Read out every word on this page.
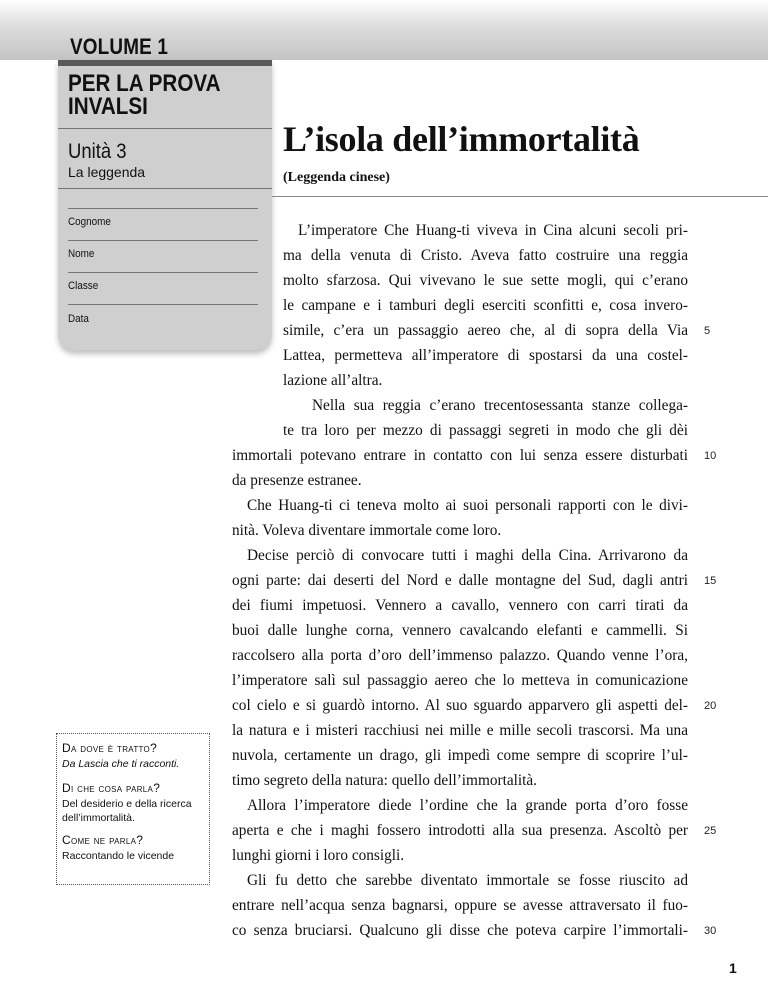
VOLUME 1
PER LA PROVA INVALSI
Unità 3
La leggenda
Cognome
Nome
Classe
Data
L’isola dell’immortalità
(Leggenda cinese)
L’imperatore Che Huang-ti viveva in Cina alcuni secoli pri-
ma della venuta di Cristo. Aveva fatto costruire una reggia
molto sfarzosa. Qui vivevano le sue sette mogli, qui c’erano
le campane e i tamburi degli eserciti sconfitti e, cosa invero-
simile, c’era un passaggio aereo che, al di sopra della Via
Lattea, permetteva all’imperatore di spostarsi da una costel-
lazione all’altra.
Nella sua reggia c’erano trecentosessanta stanze collega-
te tra loro per mezzo di passaggi segreti in modo che gli dèi
immortali potevano entrare in contatto con lui senza essere disturbati
da presenze estranee.
Che Huang-ti ci teneva molto ai suoi personali rapporti con le divi-
nità. Voleva diventare immortale come loro.
Decise perciò di convocare tutti i maghi della Cina. Arrivarono da
ogni parte: dai deserti del Nord e dalle montagne del Sud, dagli antri
dei fiumi impetuosi. Vennero a cavallo, vennero con carri tirati da
buoi dalle lunghe corna, vennero cavalcando elefanti e cammelli. Si
raccolsero alla porta d’oro dell’immenso palazzo. Quando venne l’ora,
l’imperatore salì sul passaggio aereo che lo metteva in comunicazione
col cielo e si guardò intorno. Al suo sguardo apparvero gli aspetti del-
la natura e i misteri racchiusi nei mille e mille secoli trascorsi. Ma una
nuvola, certamente un drago, gli impedì come sempre di scoprire l’ul-
timo segreto della natura: quello dell’immortalità.
Allora l’imperatore diede l’ordine che la grande porta d’oro fosse
aperta e che i maghi fossero introdotti alla sua presenza. Ascoltò per
lunghi giorni i loro consigli.
Gli fu detto che sarebbe diventato immortale se fosse riuscito ad
entrare nell’acqua senza bagnarsi, oppure se avesse attraversato il fuo-
co senza bruciarsi. Qualcuno gli disse che poteva carpire l’immortali-
5
10
15
20
25
30
Da dove è tratto?
Da Lascia che ti racconti.
Di che cosa parla?
Del desiderio e della ricerca
dell’immortalità.
Come ne parla?
Raccontando le vicende
1
